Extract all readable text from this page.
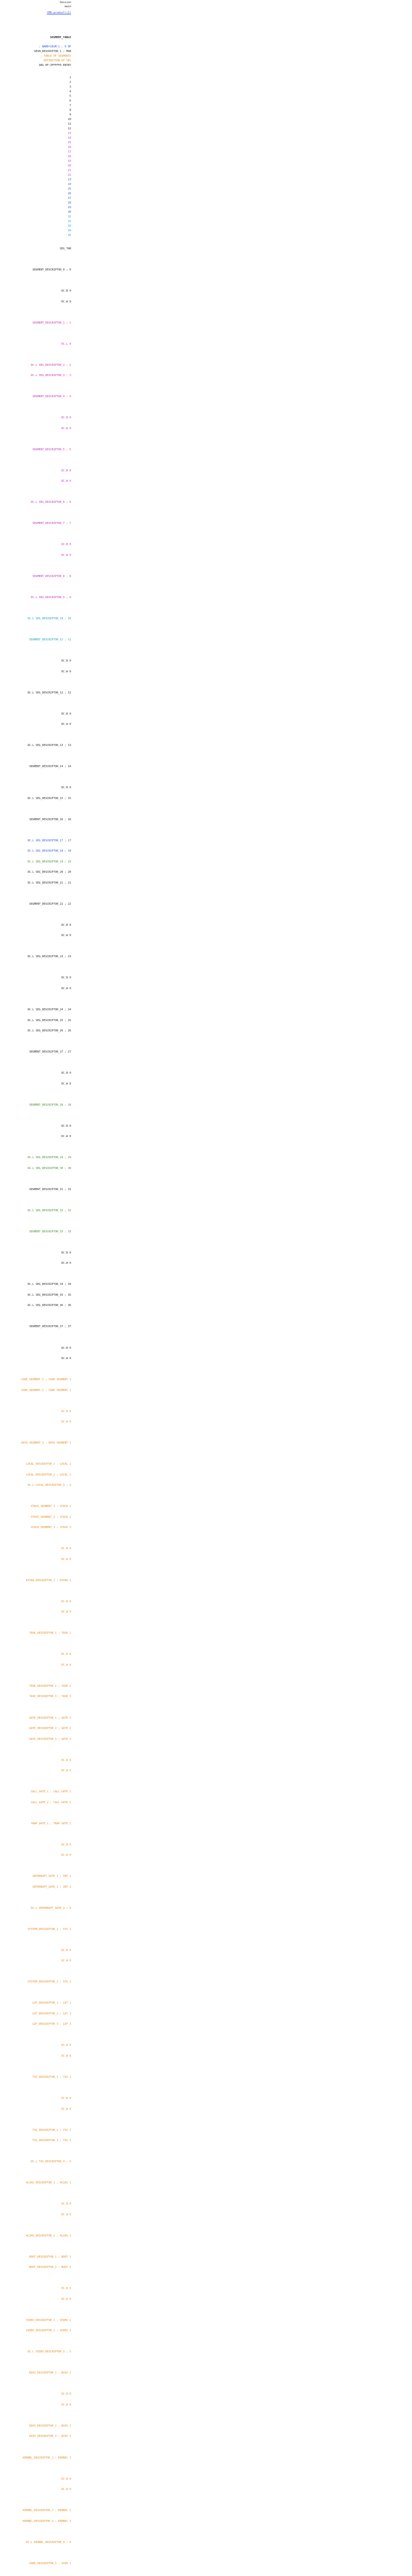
Session
main
CMD.prodcoll(1)
SEGMENT_TABLE
; NAME=SEGM_1 ; 0 0F
SEGM_DESCRIPTOR_1 ; MSB
; TABLE OF SEGMENTS
DEFINITION OF SEG
ORG 0F:3FFFFF0 ENTRY
1
2
3
4
5
6
7
8
9
10
11
12
13
14
15
16
17
18
19
20
21
22
23
24
25
26
27
28
29
30
31
32
33
34
35
SEG_TAB
SEGMENT_DESCRIPTOR_0 ; 0
DC.B 0
DC.W 0
SEGMENT_DESCRIPTOR_1 ; 1
DC.L 0
DC.L SEG_DESCRIPTOR_2 ; 2
DC.L SEG_DESCRIPTOR_3 ; 3
SEGMENT_DESCRIPTOR_4 ; 4
DC.B 0
DC.W 0
SEGMENT_DESCRIPTOR_5 ; 5
DC.B 0
DC.W 0
DC.L SEG_DESCRIPTOR_6 ; 6
SEGMENT_DESCRIPTOR_7 ; 7
DC.B 0
DC.W 0
SEGMENT_DESCRIPTOR_8 ; 8
DC.L SEG_DESCRIPTOR_9 ; 9
DC.L SEG_DESCRIPTOR_10 ; 10
SEGMENT_DESCRIPTOR_11 ; 11
DC.B 0
DC.W 0
DC.L SEG_DESCRIPTOR_12 ; 12
DC.B 0
DC.W 0
DC.L SEG_DESCRIPTOR_13 ; 13
SEGMENT_DESCRIPTOR_14 ; 14
DC.B 0
DC.L SEG_DESCRIPTOR_15 ; 15
SEGMENT_DESCRIPTOR_16 ; 16
DC.L SEG_DESCRIPTOR_17 ; 17
DC.L SEG_DESCRIPTOR_18 ; 18
DC.L SEG_DESCRIPTOR_19 ; 19
DC.L SEG_DESCRIPTOR_20 ; 20
DC.L SEG_DESCRIPTOR_21 ; 21
SEGMENT_DESCRIPTOR_22 ; 22
DC.B 0
DC.W 0
DC.L SEG_DESCRIPTOR_23 ; 23
DC.B 0
DC.W 0
DC.L SEG_DESCRIPTOR_24 ; 24
DC.L SEG_DESCRIPTOR_25 ; 25
DC.L SEG_DESCRIPTOR_26 ; 26
SEGMENT_DESCRIPTOR_27 ; 27
DC.B 0
DC.W 0
SEGMENT_DESCRIPTOR_28 ; 28
DC.B 0
DC.W 0
DC.L SEG_DESCRIPTOR_29 ; 29
DC.L SEG_DESCRIPTOR_30 ; 30
SEGMENT_DESCRIPTOR_31 ; 31
DC.L SEG_DESCRIPTOR_32 ; 32
SEGMENT_DESCRIPTOR_33 ; 33
DC.B 0
DC.W 0
DC.L SEG_DESCRIPTOR_34 ; 34
DC.L SEG_DESCRIPTOR_35 ; 35
DC.L SEG_DESCRIPTOR_36 ; 36
SEGMENT_DESCRIPTOR_37 ; 37
DC.B 0
DC.W 0
CODE_SEGMENT_1 ; CODE SEGMENT 1
CODE_SEGMENT_2 ; CODE SEGMENT 2
DC.B 0
DC.W 0
DATA_SEGMENT_1 ; DATA SEGMENT 1
LOCAL_DESCRIPTOR_1 ; LOCAL 1
LOCAL_DESCRIPTOR_2 ; LOCAL 2
DC.L LOCAL_DESCRIPTOR_3 ; 3
STACK_SEGMENT_1 ; STACK 1
STACK_SEGMENT_2 ; STACK 2
STACK_SEGMENT_3 ; STACK 3
DC.B 0
DC.W 0
EXTRA_DESCRIPTOR_1 ; EXTRA 1
DC.B 0
DC.W 0
TASK_DESCRIPTOR_1 ; TASK 1
DC.B 0
DC.W 0
TASK_DESCRIPTOR_2 ; TASK 2
TASK_DESCRIPTOR_3 ; TASK 3
GATE_DESCRIPTOR_1 ; GATE 1
GATE_DESCRIPTOR_2 ; GATE 2
GATE_DESCRIPTOR_3 ; GATE 3
DC.B 0
DC.W 0
CALL_GATE_1 ; CALL GATE 1
CALL_GATE_2 ; CALL GATE 2
TRAP_GATE_1 ; TRAP GATE 1
DC.B 0
DC.W 0
INTERRUPT_GATE_1 ; INT 1
INTERRUPT_GATE_2 ; INT 2
DC.L INTERRUPT_GATE_3 ; 3
SYSTEM_DESCRIPTOR_1 ; SYS 1
DC.B 0
DC.W 0
SYSTEM_DESCRIPTOR_2 ; SYS 2
LDT_DESCRIPTOR_1 ; LDT 1
LDT_DESCRIPTOR_2 ; LDT 2
LDT_DESCRIPTOR_3 ; LDT 3
DC.B 0
DC.W 0
TSS_DESCRIPTOR_1 ; TSS 1
DC.B 0
DC.W 0
TSS_DESCRIPTOR_2 ; TSS 2
TSS_DESCRIPTOR_3 ; TSS 3
DC.L TSS_DESCRIPTOR_4 ; 4
ALIAS_DESCRIPTOR_1 ; ALIAS 1
DC.B 0
DC.W 0
ALIAS_DESCRIPTOR_2 ; ALIAS 2
BOOT_DESCRIPTOR_1 ; BOOT 1
BOOT_DESCRIPTOR_2 ; BOOT 2
DC.B 0
DC.W 0
VIDEO_DESCRIPTOR_1 ; VIDEO 1
VIDEO_DESCRIPTOR_2 ; VIDEO 2
DC.L VIDEO_DESCRIPTOR_3 ; 3
BIOS_DESCRIPTOR_1 ; BIOS 1
DC.B 0
DC.W 0
BIOS_DESCRIPTOR_2 ; BIOS 2
BIOS_DESCRIPTOR_3 ; BIOS 3
KERNEL_DESCRIPTOR_1 ; KERNEL 1
DC.B 0
DC.W 0
KERNEL_DESCRIPTOR_2 ; KERNEL 2
KERNEL_DESCRIPTOR_3 ; KERNEL 3
DC.L KERNEL_DESCRIPTOR_4 ; 4
USER_DESCRIPTOR_1 ; USER 1
